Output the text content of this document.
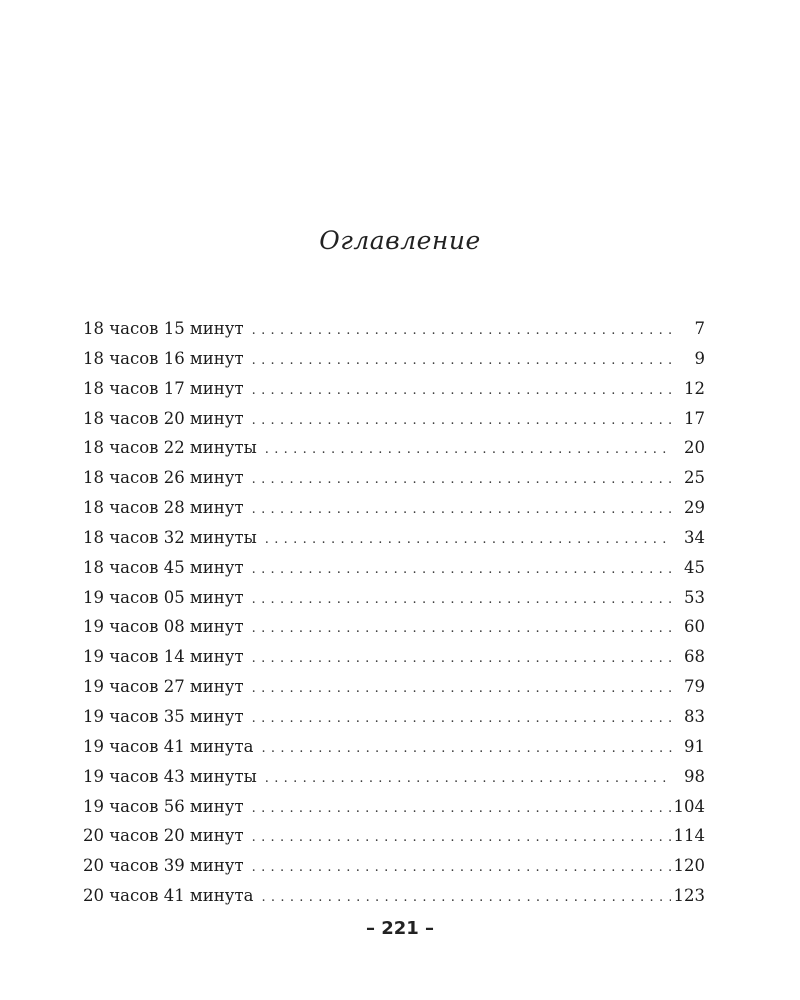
Оглавление
18 часов 15 минут . . .	7
18 часов 16 минут . . .	9
18 часов 17 минут . . .	12
18 часов 20 минут . . .	17
18 часов 22 минуты . . .	20
18 часов 26 минут . . .	25
18 часов 28 минут . . .	29
18 часов 32 минуты . . .	34
18 часов 45 минут . . .	45
19 часов 05 минут . . .	53
19 часов 08 минут . . .	60
19 часов 14 минут . . .	68
19 часов 27 минут . . .	79
19 часов 35 минут . . .	83
19 часов 41 минута . . .	91
19 часов 43 минуты . . .	98
19 часов 56 минут . . .	104
20 часов 20 минут . . .	114
20 часов 39 минут . . .	120
20 часов 41 минута . . .	123
– 221 –
